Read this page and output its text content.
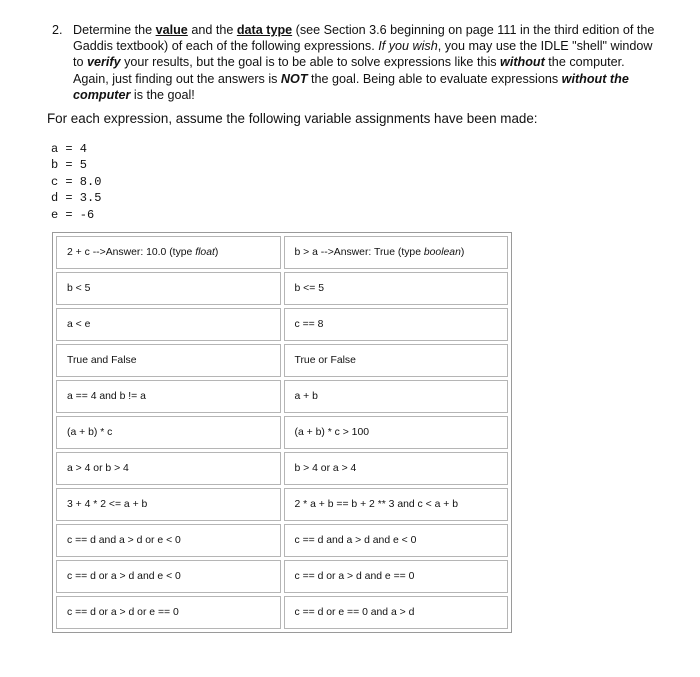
2. Determine the value and the data type (see Section 3.6 beginning on page 111 in the third edition of the Gaddis textbook) of each of the following expressions. If you wish, you may use the IDLE "shell" window to verify your results, but the goal is to be able to solve expressions like this without the computer. Again, just finding out the answers is NOT the goal. Being able to evaluate expressions without the computer is the goal!
For each expression, assume the following variable assignments have been made:
a = 4
b = 5
c = 8.0
d = 3.5
e = -6
2 + c -->Answer: 10.0 (type float)	b > a -->Answer: True (type boolean)
b < 5	b <= 5
a < e	c == 8
True and False	True or False
a == 4 and b != a	a + b
(a + b) * c	(a + b) * c > 100
a > 4 or b > 4	b > 4 or a > 4
3 + 4 * 2 <= a + b	2 * a + b == b + 2 ** 3 and c < a + b
c == d and a > d or e < 0	c == d and a > d and e < 0
c == d or a > d and e < 0	c == d or a > d and e == 0
c == d or a > d or e == 0	c == d or e == 0 and a > d
